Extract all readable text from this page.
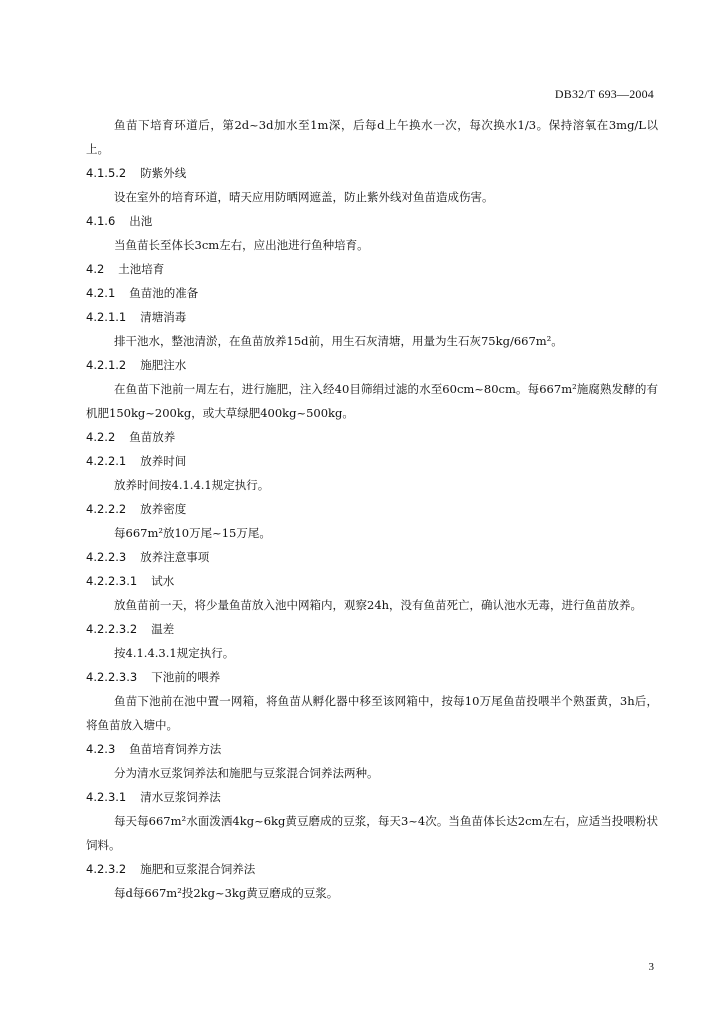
DB32/T 693—2004

鱼苗下培育环道后，第2d~3d加水至1m深，后每d上午换水一次，每次换水1/3。保持溶氧在3mg/L以上。

4.1.5.2 防紫外线

设在室外的培育环道，晴天应用防晒网遮盖，防止紫外线对鱼苗造成伤害。

4.1.6 出池

当鱼苗长至体长3cm左右，应出池进行鱼种培育。

4.2 土池培育
4.2.1 鱼苗池的准备
4.2.1.1 清塘消毒

排干池水，整池清淤，在鱼苗放养15d前，用生石灰清塘，用量为生石灰75kg/667m²。

4.2.1.2 施肥注水

在鱼苗下池前一周左右，进行施肥，注入经40目筛绢过滤的水至60cm~80cm。每667m²施腐熟发酵的有机肥150kg~200kg，或大草绿肥400kg~500kg。

4.2.2 鱼苗放养
4.2.2.1 放养时间

放养时间按4.1.4.1规定执行。

4.2.2.2 放养密度

每667m²放10万尾~15万尾。

4.2.2.3 放养注意事项
4.2.2.3.1 试水

放鱼苗前一天，将少量鱼苗放入池中网箱内，观察24h，没有鱼苗死亡，确认池水无毒，进行鱼苗放养。

4.2.2.3.2 温差

按4.1.4.3.1规定执行。

4.2.2.3.3 下池前的喂养

鱼苗下池前在池中置一网箱，将鱼苗从孵化器中移至该网箱中，按每10万尾鱼苗投喂半个熟蛋黄，3h后，将鱼苗放入塘中。

4.2.3 鱼苗培育饲养方法

分为清水豆浆饲养法和施肥与豆浆混合饲养法两种。

4.2.3.1 清水豆浆饲养法

每天每667m²水面泼洒4kg~6kg黄豆磨成的豆浆，每天3~4次。当鱼苗体长达2cm左右，应适当投喂粉状饲料。

4.2.3.2 施肥和豆浆混合饲养法

每d每667m²投2kg~3kg黄豆磨成的豆浆。

3
